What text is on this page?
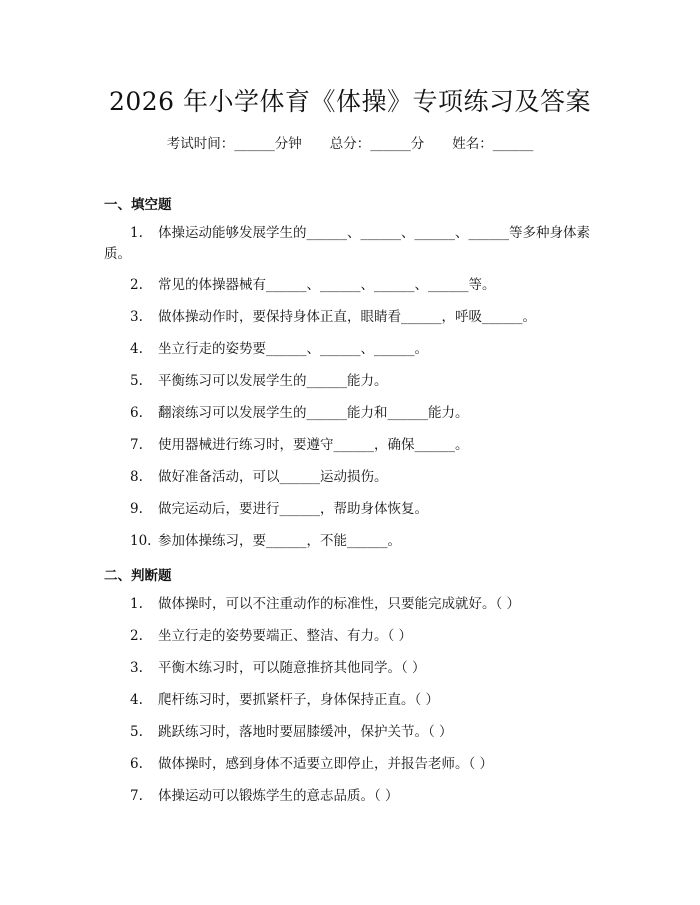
2026 年小学体育《体操》专项练习及答案
考试时间：______分钟 总分：______分 姓名：______
一、填空题
1. 体操运动能够发展学生的______、______、______、______等多种身体素
质。
2. 常见的体操器械有______、______、______、______等。
3. 做体操动作时，要保持身体正直，眼睛看______，呼吸______。
4. 坐立行走的姿势要______、______、______。
5. 平衡练习可以发展学生的______能力。
6. 翻滚练习可以发展学生的______能力和______能力。
7. 使用器械进行练习时，要遵守______，确保______。
8. 做好准备活动，可以______运动损伤。
9. 做完运动后，要进行______，帮助身体恢复。
10. 参加体操练习，要______，不能______。
二、判断题
1. 做体操时，可以不注重动作的标准性，只要能完成就好。（ ）
2. 坐立行走的姿势要端正、整洁、有力。（ ）
3. 平衡木练习时，可以随意推挤其他同学。（ ）
4. 爬杆练习时，要抓紧杆子，身体保持正直。（ ）
5. 跳跃练习时，落地时要屈膝缓冲，保护关节。（ ）
6. 做体操时，感到身体不适要立即停止，并报告老师。（ ）
7. 体操运动可以锻炼学生的意志品质。（ ）
